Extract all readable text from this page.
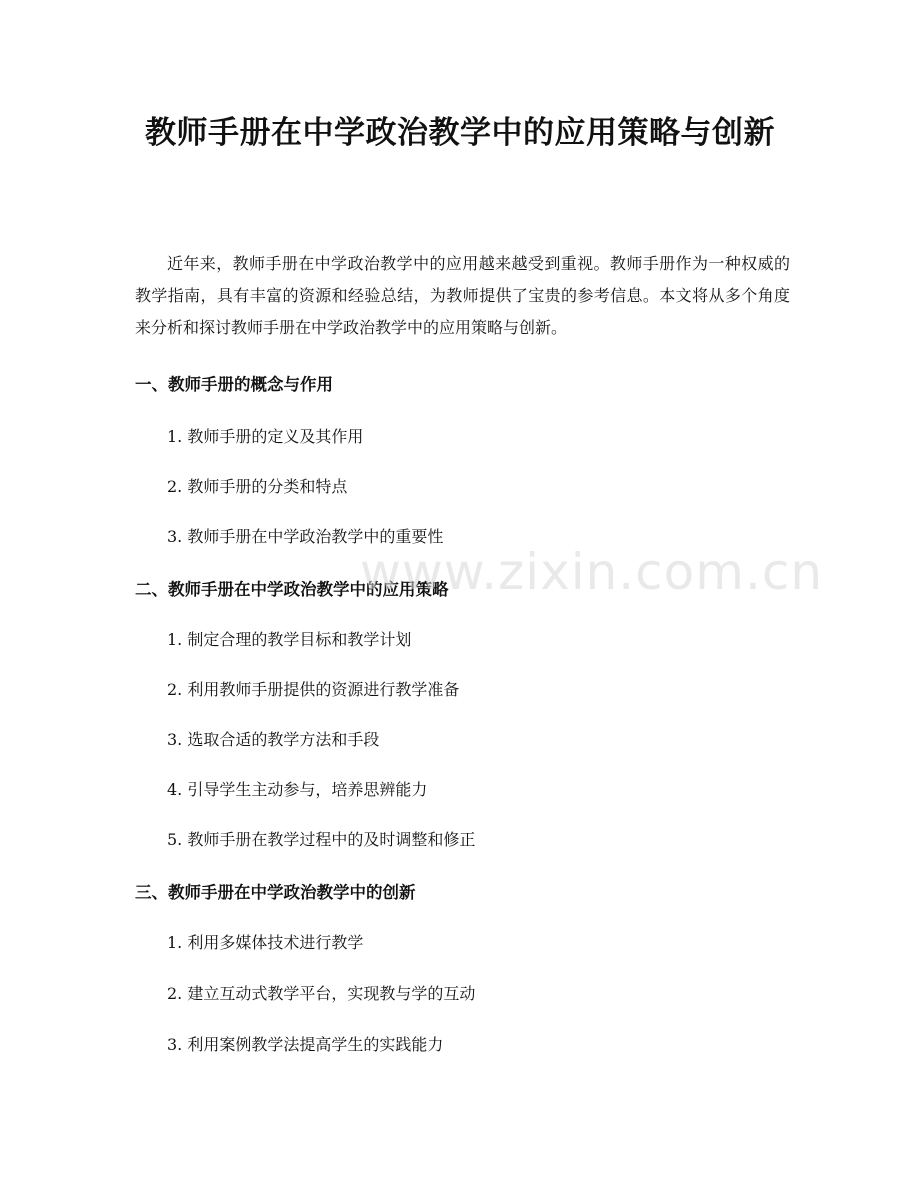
教师手册在中学政治教学中的应用策略与创新

近年来，教师手册在中学政治教学中的应用越来越受到重视。教师手册作为一种权威的教学指南，具有丰富的资源和经验总结，为教师提供了宝贵的参考信息。本文将从多个角度来分析和探讨教师手册在中学政治教学中的应用策略与创新。

一、教师手册的概念与作用

1. 教师手册的定义及其作用

2. 教师手册的分类和特点

3. 教师手册在中学政治教学中的重要性

二、教师手册在中学政治教学中的应用策略

1. 制定合理的教学目标和教学计划

2. 利用教师手册提供的资源进行教学准备

3. 选取合适的教学方法和手段

4. 引导学生主动参与，培养思辨能力

5. 教师手册在教学过程中的及时调整和修正

三、教师手册在中学政治教学中的创新

1. 利用多媒体技术进行教学

2. 建立互动式教学平台，实现教与学的互动

3. 利用案例教学法提高学生的实践能力

www.zixin.com.cn
